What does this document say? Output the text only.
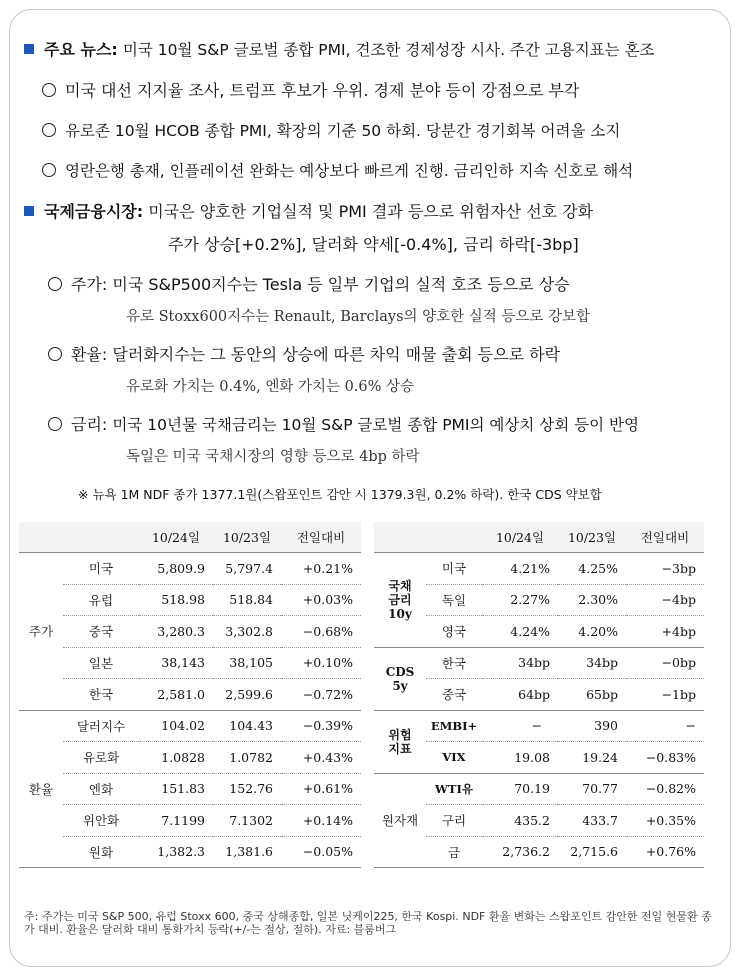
주요 뉴스: 미국 10월 S&P 글로벌 종합 PMI, 견조한 경제성장 시사. 주간 고용지표는 혼조
미국 대선 지지율 조사, 트럼프 후보가 우위. 경제 분야 등이 강점으로 부각
유로존 10월 HCOB 종합 PMI, 확장의 기준 50 하회. 당분간 경기회복 어려울 소지
영란은행 총재, 인플레이션 완화는 예상보다 빠르게 진행. 금리인하 지속 신호로 해석
국제금융시장: 미국은 양호한 기업실적 및 PMI 결과 등으로 위험자산 선호 강화
주가 상승[+0.2%], 달러화 약세[-0.4%], 금리 하락[-3bp]
주가: 미국 S&P500지수는 Tesla 등 일부 기업의 실적 호조 등으로 상승
유로 Stoxx600지수는 Renault, Barclays의 양호한 실적 등으로 강보합
환율: 달러화지수는 그 동안의 상승에 따른 차익 매물 출회 등으로 하락
유로화 가치는 0.4%, 엔화 가치는 0.6% 상승
금리: 미국 10년물 국채금리는 10월 S&P 글로벌 종합 PMI의 예상치 상회 등이 반영
독일은 미국 국채시장의 영향 등으로 4bp 하락
※ 뉴욕 1M NDF 종가 1377.1원(스왑포인트 감안 시 1379.3원, 0.2% 하락). 한국 CDS 약보합
		10/24일	10/23일	전일대비
주가	미국	5,809.9	5,797.4	+0.21%
	유럽	518.98	518.84	+0.03%
	중국	3,280.3	3,302.8	−0.68%
	일본	38,143	38,105	+0.10%
	한국	2,581.0	2,599.6	−0.72%
환율	달러지수	104.02	104.43	−0.39%
	유로화	1.0828	1.0782	+0.43%
	엔화	151.83	152.76	+0.61%
	위안화	7.1199	7.1302	+0.14%
	원화	1,382.3	1,381.6	−0.05%
		10/24일	10/23일	전일대비
국채
금리
10y	미국	4.21%	4.25%	−3bp
	독일	2.27%	2.30%	−4bp
	영국	4.24%	4.20%	+4bp
CDS
5y	한국	34bp	34bp	−0bp
	중국	64bp	65bp	−1bp
위험
지표	EMBI+	−	390	−
	VIX	19.08	19.24	−0.83%
원자재	WTI유	70.19	70.77	−0.82%
	구리	435.2	433.7	+0.35%
	금	2,736.2	2,715.6	+0.76%
주: 주가는 미국 S&P 500, 유럽 Stoxx 600, 중국 상해종합, 일본 닛케이225, 한국 Kospi. NDF 환율 변화는 스왑포인트 감안한 전일 현물환 종가 대비. 환율은 달러화 대비 통화가치 등락(+/-는 절상, 절하). 자료: 블룸버그
